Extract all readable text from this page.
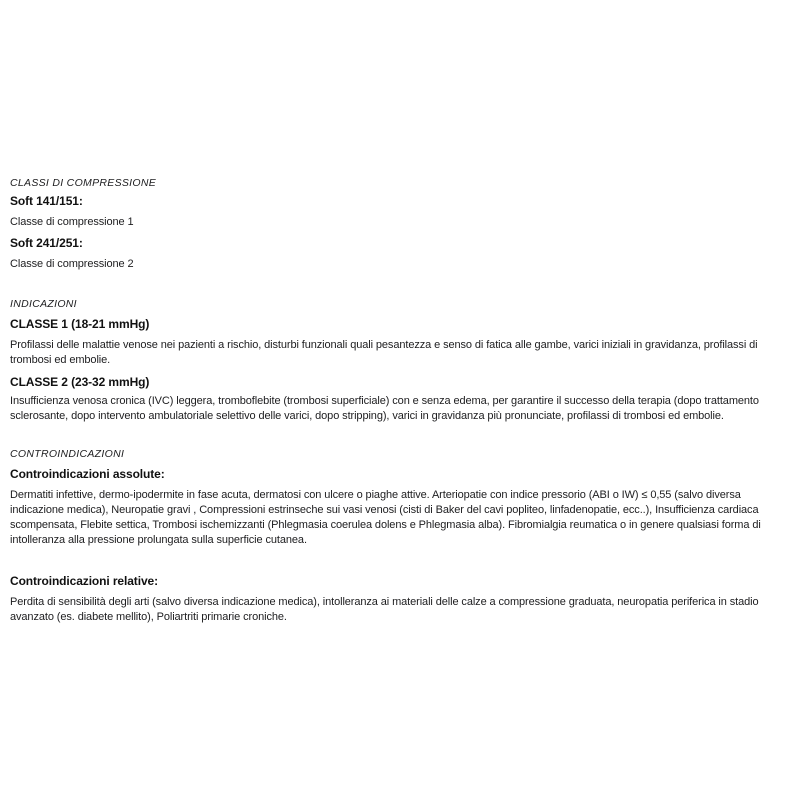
CLASSI DI COMPRESSIONE

Soft 141/151:

Classe di compressione 1

Soft 241/251:

Classe di compressione 2

INDICAZIONI

CLASSE 1 (18-21 mmHg)

Profilassi delle malattie venose nei pazienti a rischio, disturbi funzionali quali pesantezza e senso di fatica alle gambe, varici iniziali in gravidanza, profilassi di trombosi ed embolie.

CLASSE 2 (23-32 mmHg)

Insufficienza venosa cronica (IVC) leggera, tromboflebite (trombosi superficiale) con e senza edema, per garantire il successo della terapia (dopo trattamento sclerosante, dopo intervento ambulatoriale selettivo delle varici, dopo stripping), varici in gravidanza più pronunciate, profilassi di trombosi ed embolie.

CONTROINDICAZIONI

Controindicazioni assolute:

Dermatiti infettive, dermo-ipodermite in fase acuta, dermatosi con ulcere o piaghe attive. Arteriopatie con indice pressorio (ABI o IW) ≤ 0,55 (salvo diversa indicazione medica), Neuropatie gravi , Compressioni estrinseche sui vasi venosi (cisti di Baker del cavi popliteo, linfadenopatie, ecc..), Insufficienza cardiaca scompensata, Flebite settica, Trombosi ischemizzanti (Phlegmasia coerulea dolens e Phlegmasia alba). Fibromialgia reumatica o in genere qualsiasi forma di intolleranza alla pressione prolungata sulla superficie cutanea.

Controindicazioni relative:

Perdita di sensibilità degli arti (salvo diversa indicazione medica), intolleranza ai materiali delle calze a compressione graduata, neuropatia periferica in stadio avanzato (es. diabete mellito), Poliartriti primarie croniche.
